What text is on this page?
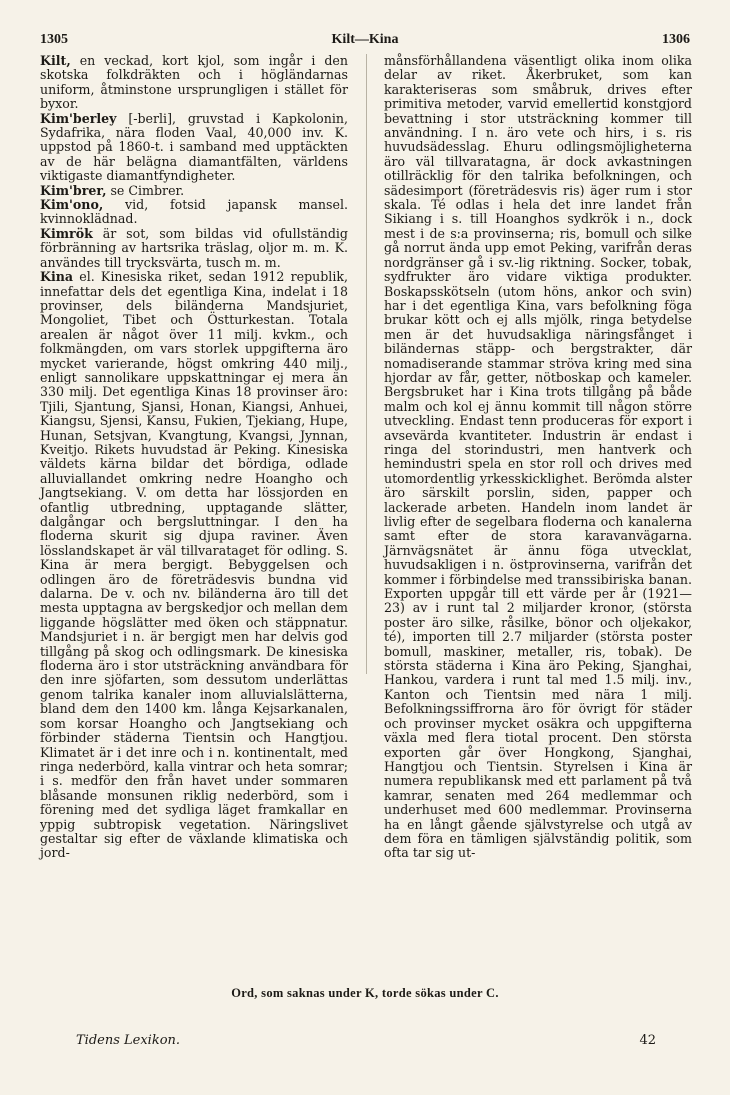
1305	Kilt—Kina	1306

Kilt, en veckad, kort kjol, som ingår i den skotska folkdräkten och i högländarnas uniform, åtminstone ursprungligen i stället för byxor.

Kim'berley [-berli], gruvstad i Kapkolonin, Sydafrika, nära floden Vaal, 40,000 inv. K. uppstod på 1860-t. i samband med upptäckten av de här belägna diamantfälten, världens viktigaste diamantfyndigheter.

Kim'brer, se Cimbrer.

Kim'ono, vid, fotsid japansk mansel. kvinnoklädnad.

Kimrök är sot, som bildas vid ofullständig förbränning av hartsrika träslag, oljor m. m. K. användes till trycksvärta, tusch m. m.

Kina el. Kinesiska riket, sedan 1912 republik, innefattar dels det egentliga Kina, indelat i 18 provinser, dels biländerna Mandsjuriet, Mongoliet, Tibet och Östturkestan. Totala arealen är något över 11 milj. kvkm., och folkmängden, om vars storlek uppgifterna äro mycket varierande, högst omkring 440 milj., enligt sannolikare uppskattningar ej mera än 330 milj. Det egentliga Kinas 18 provinser äro: Tjili, Sjantung, Sjansi, Honan, Kiangsi, Anhuei, Kiangsu, Sjensi, Kansu, Fukien, Tjekiang, Hupe, Hunan, Setsjvan, Kvangtung, Kvangsi, Jynnan, Kveitjo. Rikets huvudstad är Peking. Kinesiska väldets kärna bildar det bördiga, odlade alluviallandet omkring nedre Hoangho och Jangtsekiang. V. om detta har lössjorden en ofantlig utbredning, upptagande slätter, dalgångar och bergsluttningar. I den ha floderna skurit sig djupa raviner. Även lösslandskapet är väl tillvarataget för odling. S. Kina är mera bergigt. Bebyggelsen och odlingen äro de företrädesvis bundna vid dalarna. De v. och nv. biländerna äro till det mesta upptagna av bergskedjor och mellan dem liggande högslätter med öken och stäppnatur. Mandsjuriet i n. är bergigt men har delvis god tillgång på skog och odlingsmark. De kinesiska floderna äro i stor utsträckning användbara för den inre sjöfarten, som dessutom underlättas genom talrika kanaler inom alluvialslätterna, bland dem den 1400 km. långa Kejsarkanalen, som korsar Hoangho och Jangtsekiang och förbinder städerna Tientsin och Hangtjou. Klimatet är i det inre och i n. kontinentalt, med ringa nederbörd, kalla vintrar och heta somrar; i s. medför den från havet under sommaren blåsande monsunen riklig nederbörd, som i förening med det sydliga läget framkallar en yppig subtropisk vegetation. Näringslivet gestaltar sig efter de växlande klimatiska och jord-

månsförhållandena väsentligt olika inom olika delar av riket. Åkerbruket, som kan karakteriseras som småbruk, drives efter primitiva metoder, varvid emellertid konstgjord bevattning i stor utsträckning kommer till användning. I n. äro vete och hirs, i s. ris huvudsädesslag. Ehuru odlingsmöjligheterna äro väl tillvaratagna, är dock avkastningen otillräcklig för den talrika befolkningen, och sädesimport (företrädesvis ris) äger rum i stor skala. Té odlas i hela det inre landet från Sikiang i s. till Hoanghos sydkrök i n., dock mest i de s:a provinserna; ris, bomull och silke gå norrut ända upp emot Peking, varifrån deras nordgränser gå i sv.-lig riktning. Socker, tobak, sydfrukter äro vidare viktiga produkter. Boskapsskötseln (utom höns, ankor och svin) har i det egentliga Kina, vars befolkning föga brukar kött och ej alls mjölk, ringa betydelse men är det huvudsakliga näringsfånget i biländernas stäpp- och bergstrakter, där nomadiserande stammar ströva kring med sina hjordar av får, getter, nötboskap och kameler. Bergsbruket har i Kina trots tillgång på både malm och kol ej ännu kommit till någon större utveckling. Endast tenn produceras för export i avsevärda kvantiteter. Industrin är endast i ringa del storindustri, men hantverk och hemindustri spela en stor roll och drives med utomordentlig yrkesskicklighet. Berömda alster äro särskilt porslin, siden, papper och lackerade arbeten. Handeln inom landet är livlig efter de segelbara floderna och kanalerna samt efter de stora karavanvägarna. Järnvägsnätet är ännu föga utvecklat, huvudsakligen i n. östprovinserna, varifrån det kommer i förbindelse med transsibiriska banan. Exporten uppgår till ett värde per år (1921—23) av i runt tal 2 miljarder kronor, (största poster äro silke, råsilke, bönor och oljekakor, té), importen till 2.7 miljarder (största poster bomull, maskiner, metaller, ris, tobak). De största städerna i Kina äro Peking, Sjanghai, Hankou, vardera i runt tal med 1.5 milj. inv., Kanton och Tientsin med nära 1 milj. Befolkningssiffrorna äro för övrigt för städer och provinser mycket osäkra och uppgifterna växla med flera tiotal procent. Den största exporten går över Hongkong, Sjanghai, Hangtjou och Tientsin. Styrelsen i Kina är numera republikansk med ett parlament på två kamrar, senaten med 264 medlemmar och underhuset med 600 medlemmar. Provinserna ha en långt gående självstyrelse och utgå av dem föra en tämligen självständig politik, som ofta tar sig ut-

Ord, som saknas under K, torde sökas under C.
Tidens Lexikon.	42
